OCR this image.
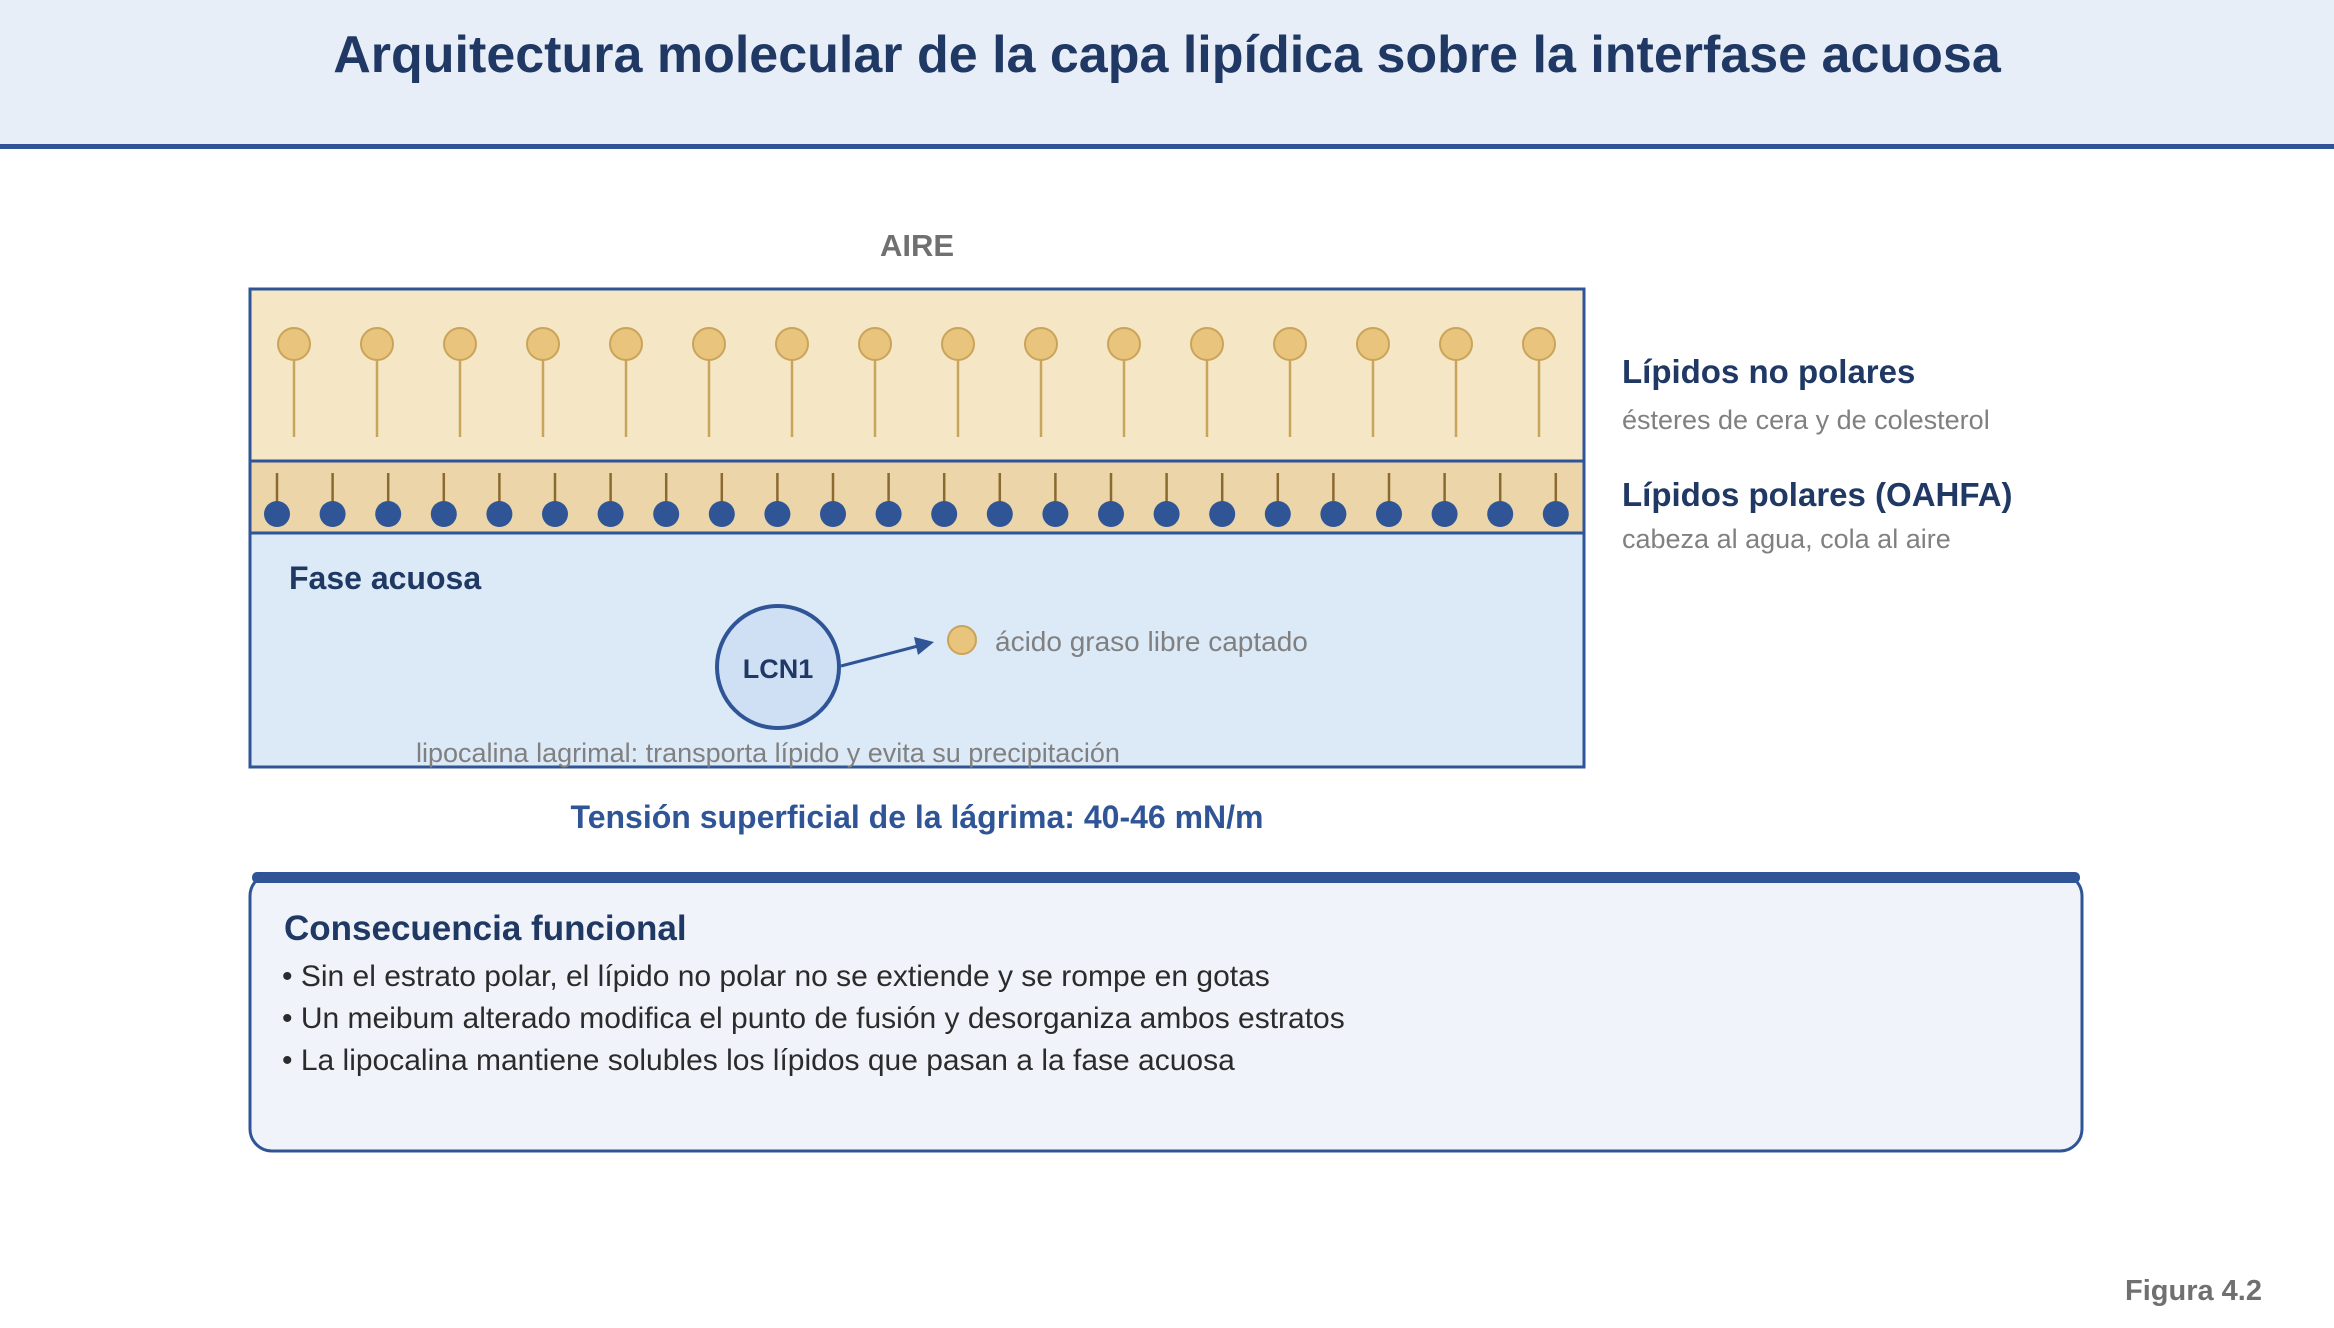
Arquitectura molecular de la capa lipídica sobre la interfase acuosa
AIRE
Fase acuosa
LCN1
ácido graso libre captado
lipocalina lagrimal: transporta lípido y evita su precipitación
Lípidos no polares
ésteres de cera y de colesterol
Lípidos polares (OAHFA)
cabeza al agua, cola al aire
Tensión superficial de la lágrima: 40-46 mN/m
Consecuencia funcional
• Sin el estrato polar, el lípido no polar no se extiende y se rompe en gotas
• Un meibum alterado modifica el punto de fusión y desorganiza ambos estratos
• La lipocalina mantiene solubles los lípidos que pasan a la fase acuosa
Figura 4.2
